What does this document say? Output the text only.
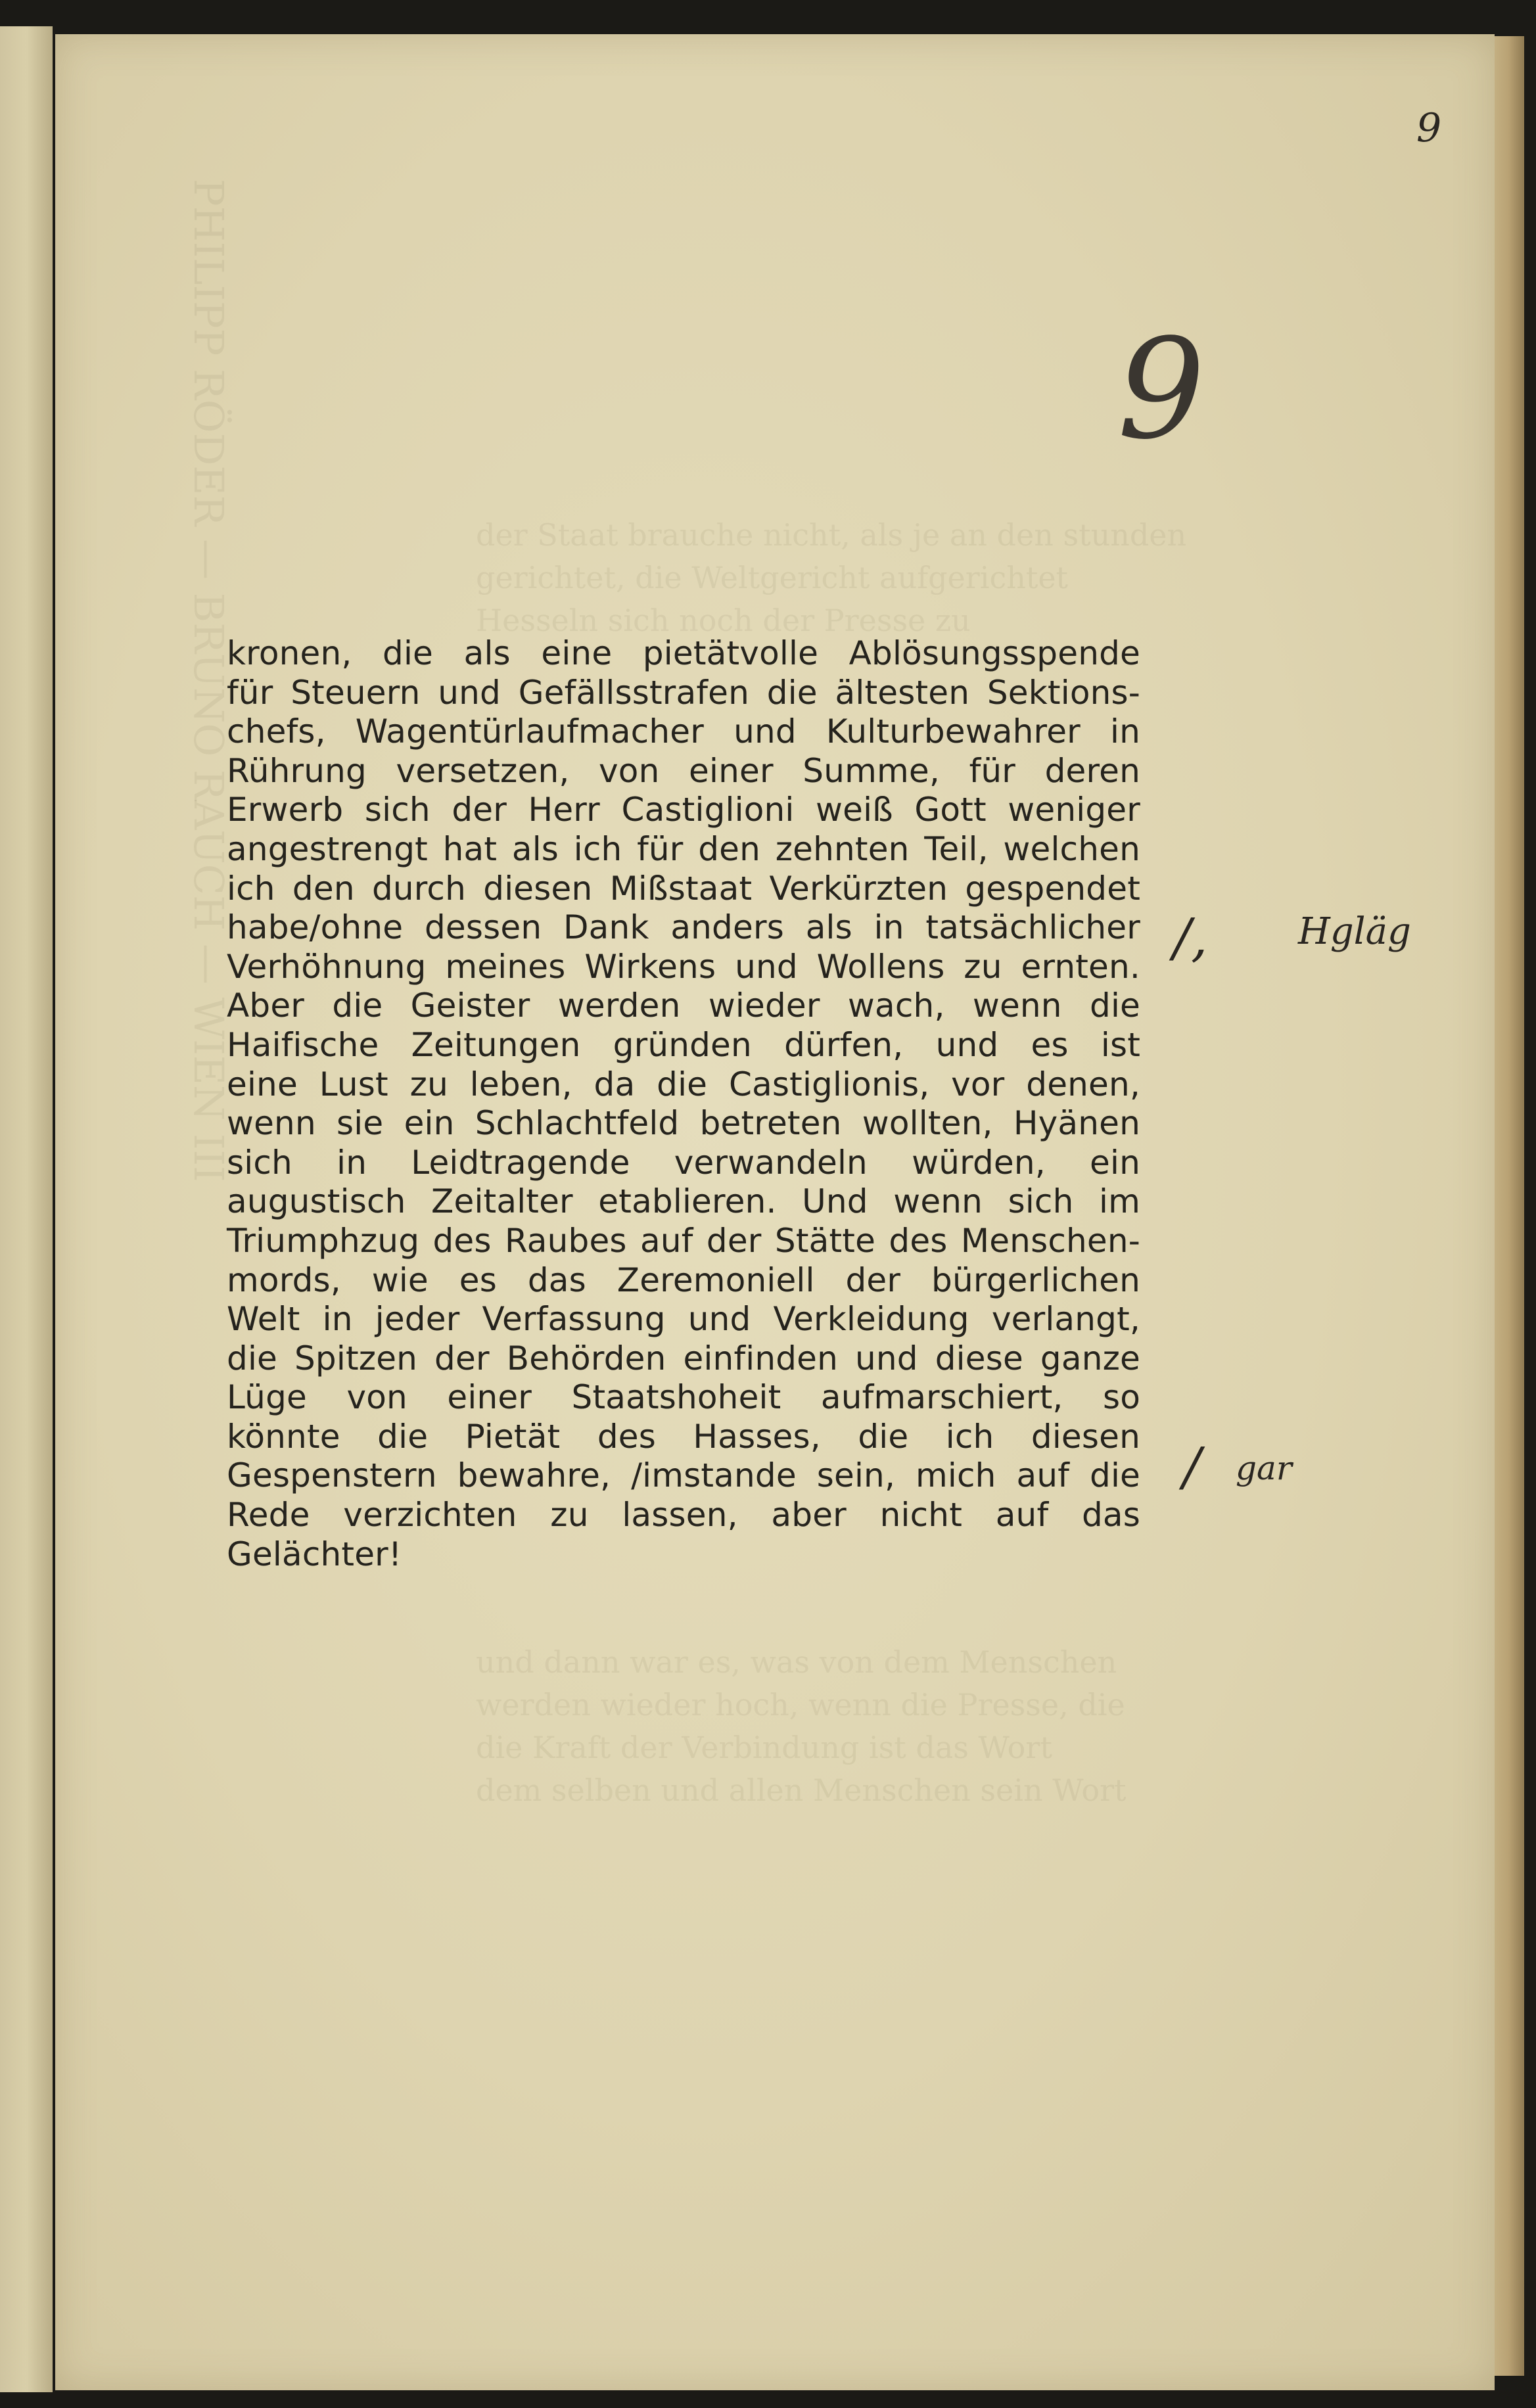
der Staat brauche nicht, als je an den stunden
gerichtet, die Weltgericht aufgerichtet
Hesseln sich noch der Presse zu
und dann war es, was von dem Menschen
werden wieder hoch, wenn die Presse, die
die Kraft der Verbindung ist das Wort
dem selben und allen Menschen sein Wort
PHILIPP RÖDER — BRUNO RAUCH — WIEN III
9
9
kronen, die als eine pietätvolle Ablösungsspende
für Steuern und Gefällsstrafen die ältesten Sektions-
chefs, Wagentürlaufmacher und Kulturbewahrer in
Rührung versetzen, von einer Summe, für deren
Erwerb sich der Herr Castiglioni weiß Gott weniger
angestrengt hat als ich für den zehnten Teil, welchen
ich den durch diesen Mißstaat Verkürzten gespendet
habe/ohne dessen Dank anders als in tatsächlicher
Verhöhnung meines Wirkens und Wollens zu ernten.
Aber die Geister werden wieder wach, wenn die
Haifische Zeitungen gründen dürfen, und es ist
eine Lust zu leben, da die Castiglionis, vor denen,
wenn sie ein Schlachtfeld betreten wollten, Hyänen
sich in Leidtragende verwandeln würden, ein
augustisch Zeitalter etablieren. Und wenn sich im
Triumphzug des Raubes auf der Stätte des Menschen-
mords, wie es das Zeremoniell der bürgerlichen
Welt in jeder Verfassung und Verkleidung verlangt,
die Spitzen der Behörden einfinden und diese ganze
Lüge von einer Staatshoheit aufmarschiert, so
könnte die Pietät des Hasses, die ich diesen
Gespenstern bewahre, /imstande sein, mich auf die
Rede verzichten zu lassen, aber nicht auf das
Gelächter!
/, Hgläg
/ gar
